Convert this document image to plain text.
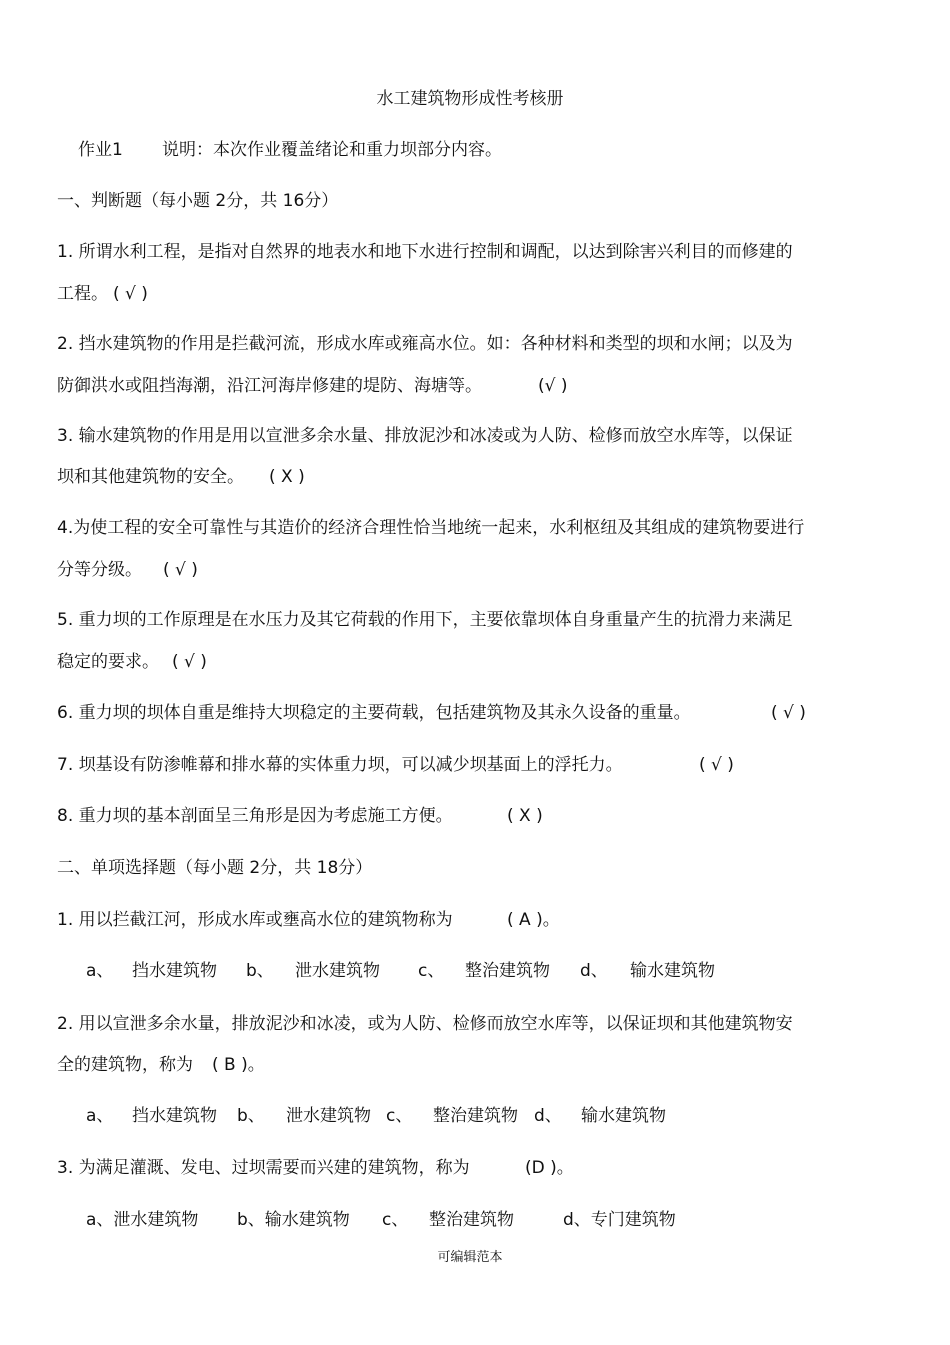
水工建筑物形成性考核册
作业1 说明：本次作业覆盖绪论和重力坝部分内容。
一、判断题（每小题 2分，共 16分）
1. 所谓水利工程，是指对自然界的地表水和地下水进行控制和调配，以达到除害兴利目的而修建的
工程。 ( √ )
2. 挡水建筑物的作用是拦截河流，形成水库或雍高水位。如：各种材料和类型的坝和水闸；以及为
防御洪水或阻挡海潮，沿江河海岸修建的堤防、海塘等。	(√ )
3. 输水建筑物的作用是用以宣泄多余水量、排放泥沙和冰凌或为人防、检修而放空水库等，以保证
坝和其他建筑物的安全。 ( X )
4.为使工程的安全可靠性与其造价的经济合理性恰当地统一起来，水利枢纽及其组成的建筑物要进行
分等分级。 ( √ )
5. 重力坝的工作原理是在水压力及其它荷载的作用下，主要依靠坝体自身重量产生的抗滑力来满足
稳定的要求。 ( √ )
6. 重力坝的坝体自重是维持大坝稳定的主要荷载，包括建筑物及其永久设备的重量。	( √ )
7. 坝基设有防渗帷幕和排水幕的实体重力坝，可以减少坝基面上的浮托力。	( √ )
8. 重力坝的基本剖面呈三角形是因为考虑施工方便。	( X )
二、单项选择题（每小题 2分，共 18分）
1. 用以拦截江河，形成水库或壅高水位的建筑物称为	( A )。
a、 挡水建筑物 b、 泄水建筑物 c、 整治建筑物 d、 输水建筑物
2. 用以宣泄多余水量，排放泥沙和冰凌，或为人防、检修而放空水库等，以保证坝和其他建筑物安
全的建筑物，称为 ( B )。
a、 挡水建筑物 b、 泄水建筑物 c、 整治建筑物 d、 输水建筑物
3. 为满足灌溉、发电、过坝需要而兴建的建筑物，称为	(D )。
a、泄水建筑物 b、输水建筑物 c、 整治建筑物	d、专门建筑物
可编辑范本
